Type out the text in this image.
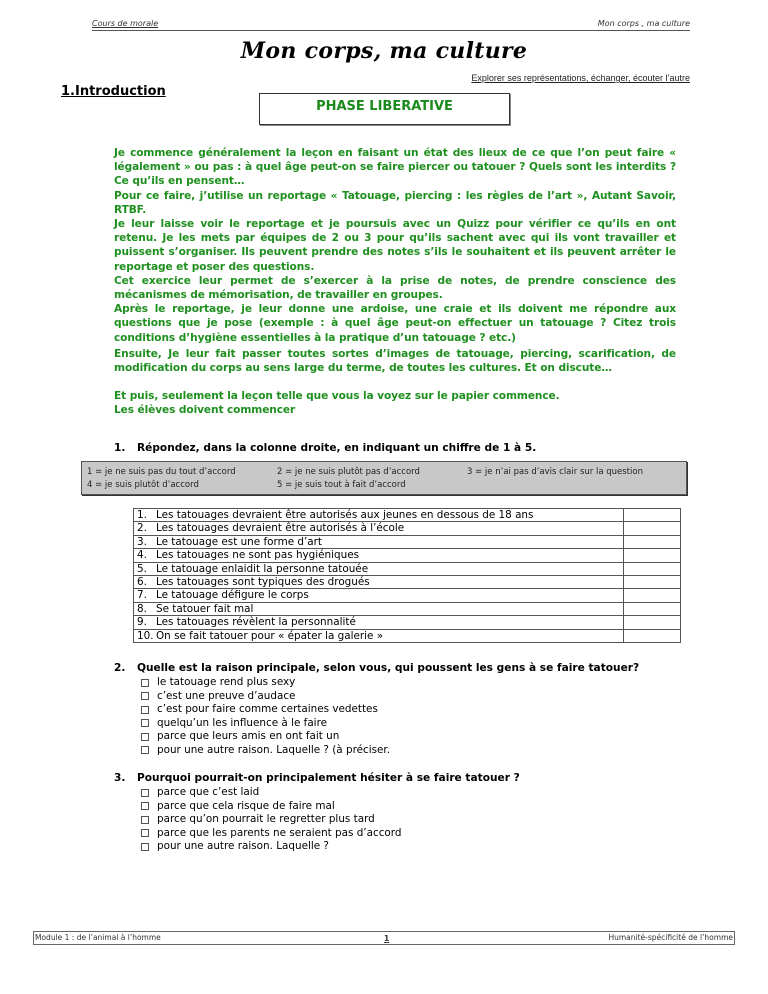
Cours de morale	Mon corps , ma culture
Mon corps, ma culture
Explorer ses représentations, échanger, écouter l’autre
1.Introduction
PHASE LIBERATIVE

Je commence généralement la leçon en faisant un état des lieux de ce que l’on peut faire « légalement » ou pas : à quel âge peut-on se faire piercer ou tatouer ? Quels sont les interdits ? Ce qu’ils en pensent…

Pour ce faire, j’utilise un reportage « Tatouage, piercing : les règles de l’art », Autant Savoir, RTBF.

Je leur laisse voir le reportage et je poursuis avec un Quizz pour vérifier ce qu’ils en ont retenu. Je les mets par équipes de 2 ou 3 pour qu’ils sachent avec qui ils vont travailler et puissent s’organiser. Ils peuvent prendre des notes s’ils le souhaitent et ils peuvent arrêter le reportage et poser des questions.

Cet exercice leur permet de s’exercer à la prise de notes, de prendre conscience des mécanismes de mémorisation, de travailler en groupes.

Après le reportage, je leur donne une ardoise, une craie et ils doivent me répondre aux questions que je pose (exemple : à quel âge peut-on effectuer un tatouage ? Citez trois conditions d’hygiène essentielles à la pratique d’un tatouage ? etc.)

Ensuite, Je leur fait passer toutes sortes d’images de tatouage, piercing, scarification, de modification du corps au sens large du terme, de toutes les cultures. Et on discute…

Et puis, seulement la leçon telle que vous la voyez sur le papier commence.

Les élèves doivent commencer

1. Répondez, dans la colonne droite, en indiquant un chiffre de 1 à 5.
1 = je ne suis pas du tout d’accord	2 = je ne suis plutôt pas d’accord	3 = je n’ai pas d’avis clair sur la question
4 = je suis plutôt d’accord	5 = je suis tout à fait d’accord
1. Les tatouages devraient être autorisés aux jeunes en dessous de 18 ans	
2. Les tatouages devraient être autorisés à l’école	
3. Le tatouage est une forme d’art	
4. Les tatouages ne sont pas hygiéniques	
5. Le tatouage enlaidit la personne tatouée	
6. Les tatouages sont typiques des drogués	
7. Le tatouage défigure le corps	
8. Se tatouer fait mal	
9. Les tatouages révèlent la personnalité	
10. On se fait tatouer pour « épater la galerie »	
2. Quelle est la raison principale, selon vous, qui poussent les gens à se faire tatouer?
le tatouage rend plus sexy
c’est une preuve d’audace
c’est pour faire comme certaines vedettes
quelqu’un les influence à le faire
parce que leurs amis en ont fait un
pour une autre raison. Laquelle ? (à préciser.
3. Pourquoi pourrait-on principalement hésiter à se faire tatouer ?
parce que c’est laid
parce que cela risque de faire mal
parce qu’on pourrait le regretter plus tard
parce que les parents ne seraient pas d’accord
pour une autre raison. Laquelle ?
Module 1 : de l’animal à l’homme	1	Humanité-spécificité de l’homme
